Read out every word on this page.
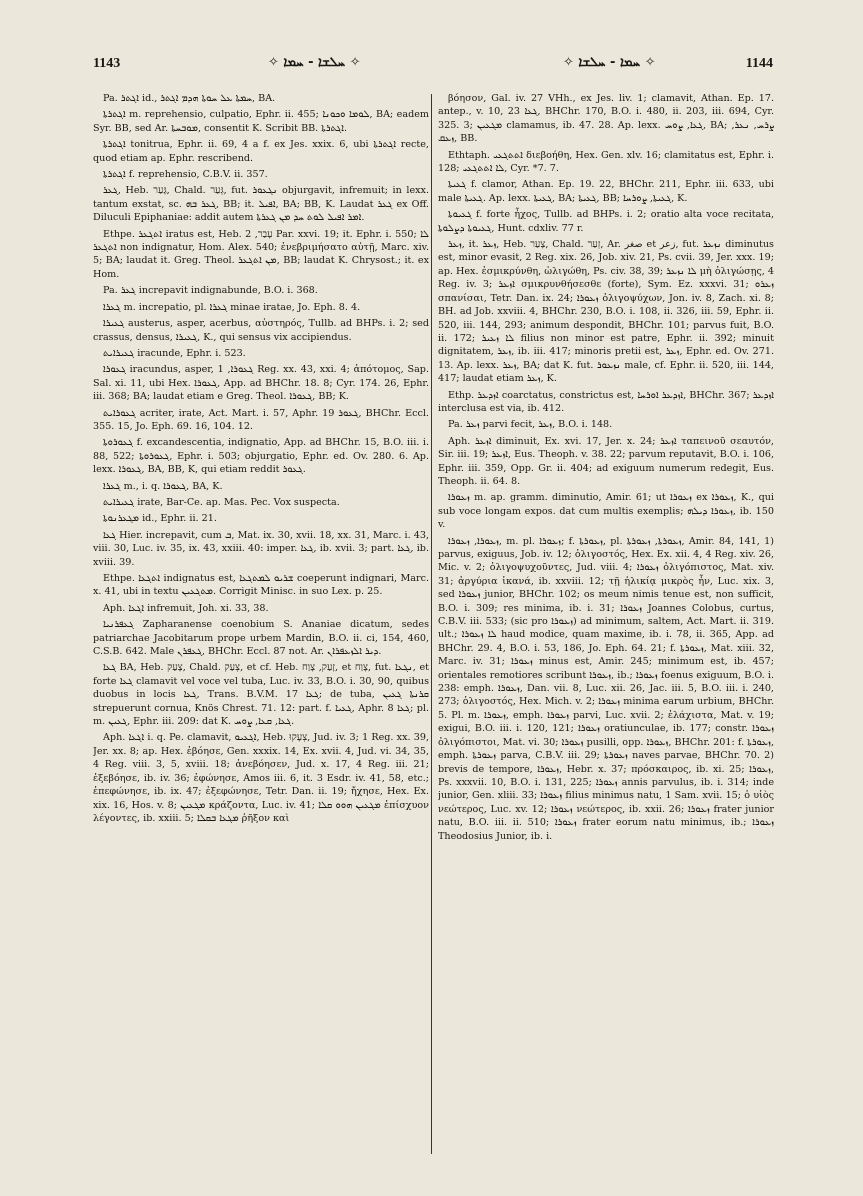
1143	✧ ܚܠܫܐ - ܚܡܐ ✧	✧ ܚܡܐ - ܚܠܫܐ ✧	1144

Pa. ܐܓܬܪ id., ܚܡܬܐ ܥܠ ܚܘܬܐ ܗܕܡ ܐܓܬܪ, BA.

ܐܓܬܪܬܐ m. reprehensio, culpatio, Ephr. ii. 455; ܠܘܡܐ ܘܟܘܢܐ, BA; eadem Syr. BB, sed Ar. ܡܘܒܚܬܐ, consentit K. Scribit BB. ܐܓܬܪܬܐ.

ܐܓܬܪܬܐ tonitrua, Ephr. ii. 69, 4 a f. ex Jes. xxix. 6, ubi ܐܓܬܪܬܐ recte, quod etiam ap. Ephr. rescribend.

ܐܓܬܪܬܐ f. reprehensio, C.B.V. ii. 357.

ܓܥܪ, Heb. גָּעַר, Chald. גְּעַר, fut. ܢܓܥܘܪ objurgavit, infremuit; in lexx. tantum exstat, sc. ܓܥܪ ܒܗ, BB; it. ܐܦܝܠ, BA; BB, K. Laudat ܓܥܪ ex Off. Diluculi Epiphaniae: addit autem ܐܡܪ ܐܦܝܠ ܠܘܬ ܚܕ ܡܢ ܓܥܪܬܐ.

Ethpe. ܐܬܓܥܪ iratus est, Heb. עָבַר, 2 Par. xxvi. 19; it. Ephr. i. 550; ܠܐ ܐܬܓܥܪ non indignatur, Hom. Alex. 540; ἐνεβριμήσατο αὐτῇ, Marc. xiv. 5; BA; laudat it. Greg. Theol. ܡܢ ܐܬܓܥܪ, BB; laudat K. Chrysost.; it. ex Hom.

Pa. ܓܥܪ increpavit indignabunde, B.O. i. 368.

ܓܥܪܐ m. increpatio, pl. ܓܥܪܐ minae iratae, Jo. Eph. 8. 4.

ܓܥܝܪܐ austerus, asper, acerbus, αὐστηρός, Tullb. ad BHPs. i. 2; sed crassus, densus, ܓܥܝܪܐ, K., qui sensus vix accipiendus.

ܓܥܝܪܐܝܬ iracunde, Ephr. i. 523.

ܓܥܘܪܐ iracundus, asper, ܓܥܘܪܐ, 1 Reg. xx. 43, xxi. 4; ἀπότομος, Sap. Sal. xi. 11, ubi Hex. ܓܥܘܪܐ, App. ad BHChr. 18. 8; Cyr. 174. 26, Ephr. iii. 368; BA; laudat etiam e Greg. Theol. ܓܥܘܪܐ, BB; K.

ܓܥܘܪܐܝܬ acriter, irate, Act. Mart. i. 57, Aphr. ܓܥܘܪ 19, BHChr. Eccl. 355. 15, Jo. Eph. 69. 16, 104. 12.

ܓܥܘܪܘܬܐ f. excandescentia, indignatio, App. ad BHChr. 15, B.O. iii. i. 88, 522; ܓܥܘܪܘܬܐ, Ephr. i. 503; objurgatio, Ephr. ed. Ov. 280. 6. Ap. lexx. ܓܥܘܪܐ, BA, BB, K, qui etiam reddit ܓܥܘܪ.

ܓܥܪܐ m., i. q. ܓܥܘܪܐ, BA, K.

ܓܥܝܪܐܝܬ irate, Bar-Ce. ap. Mas. Pec. Vox suspecta.

ܡܓܥܪܢܘܬܐ id., Ephr. ii. 21.

ܓܥܐ Hier. increpavit, cum ܒ, Mat. ix. 30, xvii. 18, xx. 31, Marc. i. 43, viii. 30, Luc. iv. 35, ix. 43, xxiii. 40: imper. ܓܥܐ, ib. xvii. 3; part. ܓܥܐ, ib. xviii. 39.

Ethpe. ܐܬܓܥܐ indignatus est, ܫܪܝܘ ܠܡܬܓܥܐ coeperunt indignari, Marc. x. 41, ubi in textu ܡܬܓܥܝܢ. Corrigit Minisc. in suo Lex. p. 25.

Aph. ܐܓܥܐ infremuit, Joh. xi. 33, 38.

ܓܥܦܪܢܝܐ Zapharanense coenobium S. Ananiae dicatum, sedes patriarchae Jacobitarum prope urbem Mardin, B.O. ii. ci, 154, 460, C.S.B. 642. Male ܓܥܦܪܢ, BHChr. Eccl. 87 not. Ar. ܕܝܪ ܐܠܙܥܦܪܐܢ.

ܓܥܐ BA, Heb. צָעַק, Chald. צְעַק, et cf. Heb. זָעַק, צָוַח, et צָוַח, fut. ܢܓܥܐ, et forte ܓܥܐ clamavit vel voce vel tuba, Luc. iv. 33, B.O. i. 30, 90, quibus duobus in locis ܓܥܐ, Trans. B.V.M. ܓܥܐ 17; de tuba, ܩܪܢܬܐ ܓܥܝܢ strepuerunt cornua, Knös Chrest. 71. 12: part. f. ܓܥܝܐ, Aphr. ܓܥܐ 8; pl. m. ܓܥܝܢ, Ephr. iii. 209: dat K. ܓܥܐ, ܩܥܐ, ܨܘܚ.

Aph. ܐܓܥܐ i. q. Pe. clamavit, ܐܓܥܝܘ, Heb. צְעָקוּ, Jud. iv. 3; 1 Reg. xx. 39, Jer. xx. 8; ap. Hex. ἐβόησε, Gen. xxxix. 14, Ex. xvii. 4, Jud. vi. 34, 35, 4 Reg. viii. 3, 5, xviii. 18; ἀνεβόησεν, Jud. x. 17, 4 Reg. iii. 21; ἐξεβόησε, ib. iv. 36; ἐφώνησε, Amos iii. 6, it. 3 Esdr. iv. 41, 58, etc.; ἐπεφώνησε, ib. ix. 47; ἐξεφώνησε, Tetr. Dan. ii. 19; ἤχησε, Hex. Ex. xix. 16, Hos. v. 8; ܡܓܥܝܢ κράζοντα, Luc. iv. 41; ܡܓܥܝܢ ܗܘܘ ܩܠܐ ἐπίσχυον λέγοντες, ib. xxiii. 5; ܡܓܥܐ ܒܩܠܐ ῥῆξον καὶ

βόησον, Gal. iv. 27 VHh., ex Jes. liv. 1; clamavit, Athan. Ep. 17. antep., v. 10, ܓܥܐ 23, BHChr. 170, B.O. i. 480, ii. 203, iii. 694, Cyr. 325. 3; ܡܓܥܝܢ clamamus, ib. 47. 28. Ap. lexx. ܓܥܐ, ܨܘܚ, BA; ܨܪܚ, ܢܥܪ, ܙܥܩ, BB.

Ethtaph. ܐܬܬܓܥܝ διεβοήθη, Hex. Gen. xlv. 16; clamitatus est, Ephr. i. 128; ܠܐ ܐܬܬܓܥܝ, Cyr. *7. 7.

ܓܥܝܬܐ f. clamor, Athan. Ep. 19. 22, BHChr. 211, Ephr. iii. 633, ubi male ܓܥܝܬܐ. Ap. lexx. ܓܥܝܬܐ, BA; ܓܥܝܬܐ, BB; ܓܥܝܬܐ, ܨܘܪܚܐ, K.

ܓܥܝܘܬܐ f. forte ἦχος, Tullb. ad BHPs. i. 2; oratio alta voce recitata, ܓܥܝܘܬܐ ܕܨܠܘܬܐ, Hunt. cdxliv. 77 r.

ܙܥܪ, it. ܙܥܪ, Heb. צָעַר, Chald. זְעַר, Ar. صغر et زعر, fut. ܢܙܥܪ diminutus est, minor evasit, 2 Reg. xix. 26, Job. xiv. 21, Ps. cvii. 39, Jer. xxx. 19; ap. Hex. ἐσμικρύνθη, ὠλιγώθη, Ps. civ. 38, 39; ܠܐ ܢܙܥܪ μὴ ὀλιγώσῃς, 4 Reg. iv. 3; ܐܙܥܪ σμικρυνθήσεσθε (forte), Sym. Ez. xxxvi. 31; ܙܥܪܘ σπανίσαι, Tetr. Dan. ix. 24; ܙܥܘܪܐ ὀλιγοψύχων, Jon. iv. 8, Zach. xi. 8; BH. ad Job. xxviii. 4, BHChr. 230, B.O. i. 108, ii. 326, iii. 59, Ephr. ii. 520, iii. 144, 293; animum despondit, BHChr. 101; parvus fuit, B.O. ii. 172; ܠܐ ܙܥܝܪ filius non minor est patre, Ephr. ii. 392; minuit dignitatem, ܙܥܪ, ib. iii. 417; minoris pretii est, ܙܥܪ, Ephr. ed. Ov. 271. 13. Ap. lexx. ܙܥܪ, BA; dat K. fut. ܢܙܥܘܪ male, cf. Ephr. ii. 520, iii. 144, 417; laudat etiam ܙܥܪ, K.

Ethp. ܐܙܕܥܪ coarctatus, constrictus est, ܐܙܕܥܪ ܐܘܪܚܐ, BHChr. 367; ܐܙܕܥܪ interclusa est via, ib. 412.

Pa. ܙܥܪ parvi fecit, ܙܥܪ, B.O. i. 148.

Aph. ܐܙܥܪ diminuit, Ex. xvi. 17, Jer. x. 24; ܐܙܥܪ ταπεινοῦ σεαυτόν, Sir. iii. 19; ܐܙܥܪ, Eus. Theoph. v. 38. 22; parvum reputavit, B.O. i. 106, Ephr. iii. 359, Opp. Gr. ii. 404; ad exiguum numerum redegit, Eus. Theoph. ii. 64. 8.

ܙܥܘܪܐ m. ap. gramm. diminutio, Amir. 61; ut ܙܥܘܪܐ ex ܙܥܘܪܐ, K., qui sub voce longam expos. dat cum multis exemplis; ܙܥܘܪܐ ܕܝܠܗ, ib. 150 v.

ܙܥܘܪܐ, ܙܥܘܪܐ, m. pl. ܙܥܘܪܐ; f. ܙܥܘܪܬܐ, pl. ܙܥܘܪܬܐ, ܙܥܘܪܬܐ, Amir. 84, 141, 1) parvus, exiguus, Job. iv. 12; ὀλιγοστός, Hex. Ex. xii. 4, 4 Reg. xiv. 26, Mic. v. 2; ὀλιγοψυχοῦντες, Jud. viii. 4; ܙܥܘܪܐ ὀλιγόπιστος, Mat. xiv. 31; ἀργύρια ἱκανά, ib. xxviii. 12; τῇ ἡλικίᾳ μικρὸς ἦν, Luc. xix. 3, sed ܙܥܘܪܐ junior, BHChr. 102; os meum nimis tenue est, non sufficit, B.O. i. 309; res minima, ib. i. 31; ܙܥܘܪܐ Joannes Colobus, curtus, C.B.V. iii. 533; (sic pro ܙܥܘܪܐ) ad minimum, saltem, Act. Mart. ii. 319. ult.; ܠܐ ܙܥܘܪܐ haud modice, quam maxime, ib. i. 78, ii. 365, App. ad BHChr. 29. 4, B.O. i. 53, 186, Jo. Eph. 64. 21; f. ܙܥܘܪܬܐ, Mat. xiii. 32, Marc. iv. 31; ܙܥܘܪܐ minus est, Amir. 245; minimum est, ib. 457; orientales remotiores scribunt ܙܥܘܪܐ, ib.; ܙܥܘܪܐ foenus exiguum, B.O. i. 238: emph. ܙܥܘܪܐ, Dan. vii. 8, Luc. xii. 26, Jac. iii. 5, B.O. iii. i. 240, 273; ὀλιγοστός, Hex. Mich. v. 2; ܙܥܘܪܐ minima earum urbium, BHChr. 5. Pl. m. ܙܥܘܪܐ, emph. ܙܥܘܪܐ parvi, Luc. xvii. 2; ἐλάχιστα, Mat. v. 19; exigui, B.O. iii. i. 120, 121; ܙܥܘܪܐ oratiunculae, ib. 177; constr. ܙܥܘܪܐ ὀλιγόπιστοι, Mat. vi. 30; ܙܥܘܪܐ pusilli, opp. ܙܥܘܪܐ, BHChr. 201: f. ܙܥܘܪܬܐ, emph. ܙܥܘܪܬܐ parva, C.B.V. iii. 29; ܙܥܘܪܬܐ naves parvae, BHChr. 70. 2) brevis de tempore, ܙܥܘܪܐ, Hebr. x. 37; πρόσκαιρος, ib. xi. 25; ܙܥܘܪܐ, Ps. xxxvii. 10, B.O. i. 131, 225; ܙܥܘܪܐ annis parvulus, ib. i. 314; inde junior, Gen. xliii. 33; ܙܥܘܪܐ filius minimus natu, 1 Sam. xvii. 15; ὁ υἱὸς νεώτερος, Luc. xv. 12; ܙܥܘܪܐ νεώτερος, ib. xxii. 26; ܙܥܘܪܐ frater junior natu, B.O. iii. ii. 510; ܙܥܘܪܐ frater eorum natu minimus, ib.; ܙܥܘܪܐ Theodosius Junior, ib. i.
